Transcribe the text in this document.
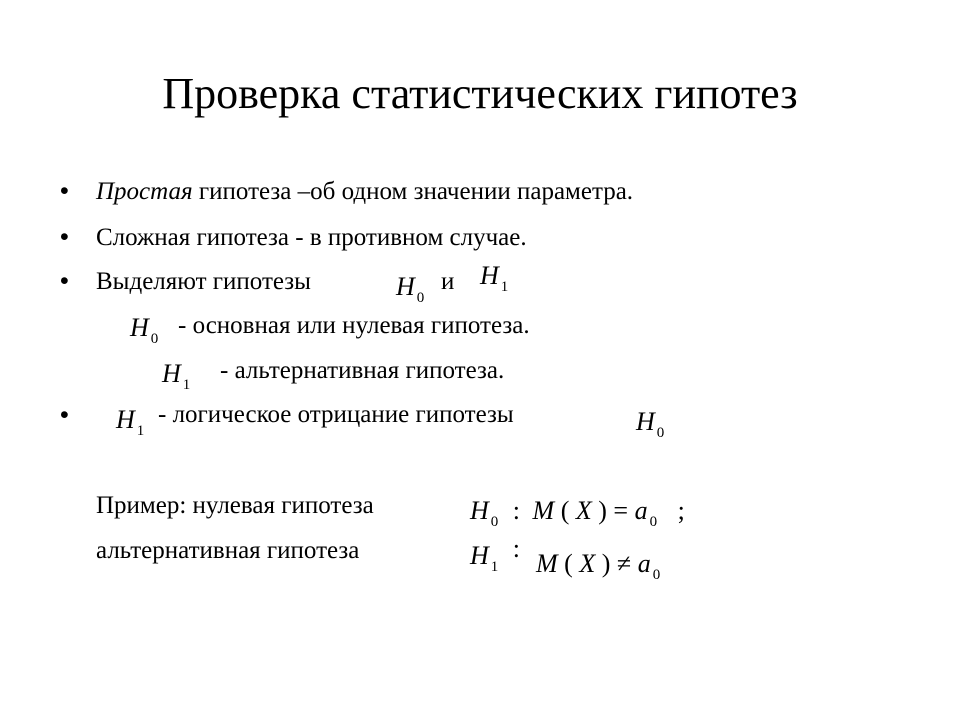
Проверка статистических гипотез
• Простая гипотеза –об одном значении параметра.
• Сложная гипотеза - в противном случае.
• Выделяют гипотезы	H $_0$
и H $_1$
H $_0$ - основная или нулевая гипотеза.
H $_1$
- альтернативная гипотеза.
• H $_1$
- логическое отрицание гипотезы	H $_0$
Пример: нулевая гипотеза	H $_0$ : M ( X ) = a $_0$ ;
альтернативная гипотеза	H $_1$ :
M ( X ) ≠ a $_0$
